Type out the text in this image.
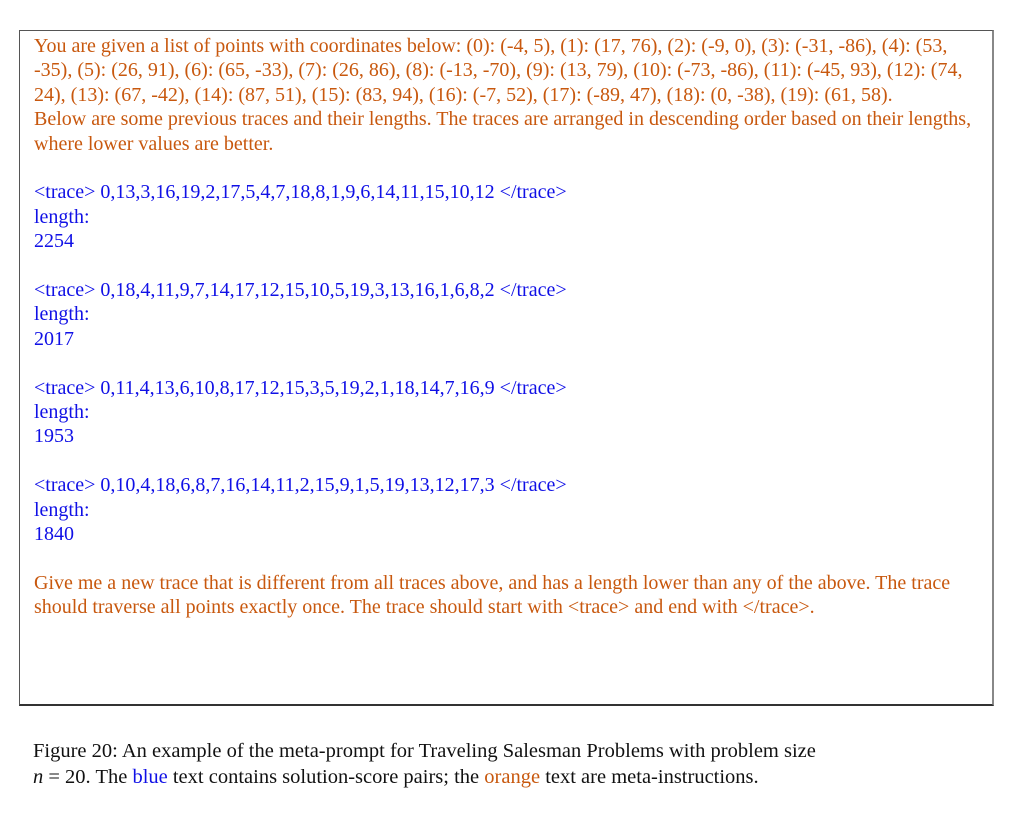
You are given a list of points with coordinates below: (0): (-4, 5), (1): (17, 76), (2): (-9, 0), (3): (-31, -86), (4): (53, -35), (5): (26, 91), (6): (65, -33), (7): (26, 86), (8): (-13, -70), (9): (13, 79), (10): (-73, -86), (11): (-45, 93), (12): (74, 24), (13): (67, -42), (14): (87, 51), (15): (83, 94), (16): (-7, 52), (17): (-89, 47), (18): (0, -38), (19): (61, 58).

Below are some previous traces and their lengths. The traces are arranged in descending order based on their lengths, where lower values are better.

<trace> 0,13,3,16,19,2,17,5,4,7,18,8,1,9,6,14,11,15,10,12 </trace>
length:
2254
<trace> 0,18,4,11,9,7,14,17,12,15,10,5,19,3,13,16,1,6,8,2 </trace>
length:
2017
<trace> 0,11,4,13,6,10,8,17,12,15,3,5,19,2,1,18,14,7,16,9 </trace>
length:
1953
<trace> 0,10,4,18,6,8,7,16,14,11,2,15,9,1,5,19,13,12,17,3 </trace>
length:
1840

Give me a new trace that is different from all traces above, and has a length lower than any of the above. The trace should traverse all points exactly once. The trace should start with <trace> and end with </trace>.

Figure 20: An example of the meta-prompt for Traveling Salesman Problems with problem size
n = 20. The blue text contains solution-score pairs; the orange text are meta-instructions.
